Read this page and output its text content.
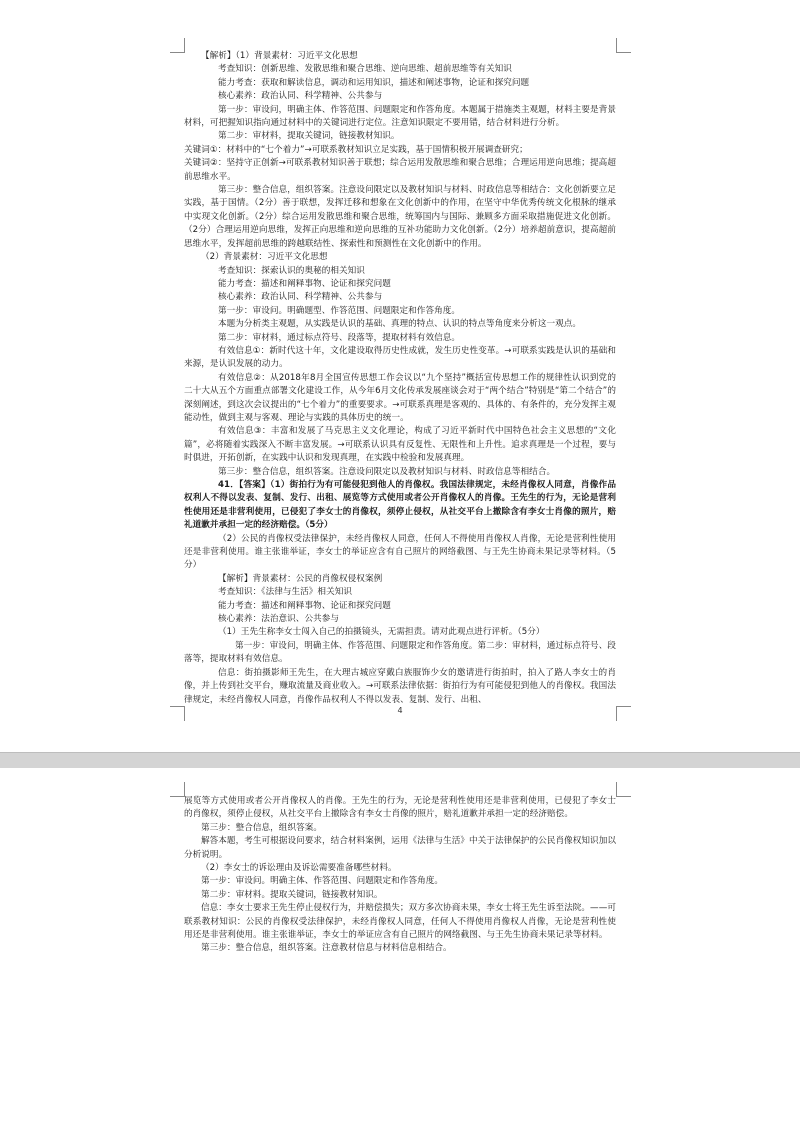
【解析】（1）背景素材：习近平文化思想

考查知识：创新思维、发散思维和聚合思维、逆向思维、超前思维等有关知识

能力考查：获取和解读信息，调动和运用知识，描述和阐述事物，论证和探究问题

核心素养：政治认同、科学精神、公共参与

第一步：审设问，明确主体、作答范围、问题限定和作答角度。本题属于措施类主观题，材料主要是背景材料，可把握知识指向通过材料中的关键词进行定位。注意知识限定不要用错，结合材料进行分析。

第二步：审材料，提取关键词，链接教材知识。

关键词①：材料中的“七个着力”→可联系教材知识立足实践，基于国情积极开展调查研究；

关键词②：坚持守正创新→可联系教材知识善于联想；综合运用发散思维和聚合思维；合理运用逆向思维；提高超前思维水平。

第三步：整合信息，组织答案。注意设问限定以及教材知识与材料、时政信息等相结合：文化创新要立足实践，基于国情。（2分）善于联想，发挥迁移和想象在文化创新中的作用，在坚守中华优秀传统文化根脉的继承中实现文化创新。（2分）综合运用发散思维和聚合思维，统筹国内与国际、兼顾多方面采取措施促进文化创新。（2分）合理运用逆向思维，发挥正向思维和逆向思维的互补功能助力文化创新。（2分）培养超前意识，提高超前思维水平，发挥超前思维的跨越联结性、探索性和预测性在文化创新中的作用。

（2）背景素材：习近平文化思想

考查知识：探索认识的奥秘的相关知识

能力考查：描述和阐释事物、论证和探究问题

核心素养：政治认同、科学精神、公共参与

第一步：审设问。明确题型、作答范围、问题限定和作答角度。

本题为分析类主观题，从实践是认识的基础、真理的特点、认识的特点等角度来分析这一观点。

第二步：审材料，通过标点符号、段落等，提取材料有效信息。

有效信息①：新时代这十年，文化建设取得历史性成就，发生历史性变革。→可联系实践是认识的基础和来源，是认识发展的动力。

有效信息②：从2018年8月全国宣传思想工作会议以“九个坚持”概括宣传思想工作的规律性认识到党的二十大从五个方面重点部署文化建设工作，从今年6月文化传承发展座谈会对于“两个结合”特别是“第二个结合”的深刻阐述，到这次会议提出的“七个着力”的重要要求。→可联系真理是客观的、具体的、有条件的，充分发挥主观能动性，做到主观与客观、理论与实践的具体历史的统一。

有效信息③：丰富和发展了马克思主义文化理论，构成了习近平新时代中国特色社会主义思想的“文化篇”，必将随着实践深入不断丰富发展。→可联系认识具有反复性、无限性和上升性。追求真理是一个过程，要与时俱进，开拓创新，在实践中认识和发现真理，在实践中检验和发展真理。

第三步：整合信息，组织答案。注意设问限定以及教材知识与材料、时政信息等相结合。

41．【答案】（1）街拍行为有可能侵犯到他人的肖像权。我国法律规定，未经肖像权人同意，肖像作品权利人不得以发表、复制、发行、出租、展览等方式使用或者公开肖像权人的肖像。王先生的行为，无论是营利性使用还是非营利使用，已侵犯了李女士的肖像权，须停止侵权，从社交平台上撤除含有李女士肖像的照片，赔礼道歉并承担一定的经济赔偿。（5分）

（2）公民的肖像权受法律保护，未经肖像权人同意，任何人不得使用肖像权人肖像，无论是营利性使用还是非营利使用。谁主张谁举证，李女士的举证应含有自己照片的网络截图、与王先生协商未果记录等材料。（5分）

【解析】背景素材：公民的肖像权侵权案例

考查知识：《法律与生活》相关知识

能力考查：描述和阐释事物、论证和探究问题

核心素养：法治意识、公共参与

（1）王先生称李女士闯入自己的拍摄镜头，无需担责。请对此观点进行评析。（5分）

第一步：审设问，明确主体、作答范围、问题限定和作答角度。第二步：审材料，通过标点符号、段落等，提取材料有效信息。

信息：街拍摄影师王先生，在大理古城应穿戴白族服饰少女的邀请进行街拍时，拍入了路人李女士的肖像，并上传到社交平台，赚取流量及商业收入。→可联系法律依据：街拍行为有可能侵犯到他人的肖像权。我国法律规定，未经肖像权人同意，肖像作品权利人不得以发表、复制、发行、出租、

4

展览等方式使用或者公开肖像权人的肖像。王先生的行为，无论是营利性使用还是非营利使用，已侵犯了李女士的肖像权，须停止侵权，从社交平台上撤除含有李女士肖像的照片，赔礼道歉并承担一定的经济赔偿。

第三步：整合信息，组织答案。

解答本题，考生可根据设问要求，结合材料案例，运用《法律与生活》中关于法律保护的公民肖像权知识加以分析说明。

（2）李女士的诉讼理由及诉讼需要准备哪些材料。

第一步：审设问。明确主体、作答范围、问题限定和作答角度。

第二步：审材料。提取关键词，链接教材知识。

信息：李女士要求王先生停止侵权行为，并赔偿损失；双方多次协商未果，李女士将王先生诉至法院。——可联系教材知识：公民的肖像权受法律保护，未经肖像权人同意，任何人不得使用肖像权人肖像，无论是营利性使用还是非营利使用。谁主张谁举证，李女士的举证应含有自己照片的网络截图、与王先生协商未果记录等材料。

第三步：整合信息，组织答案。注意教材信息与材料信息相结合。
